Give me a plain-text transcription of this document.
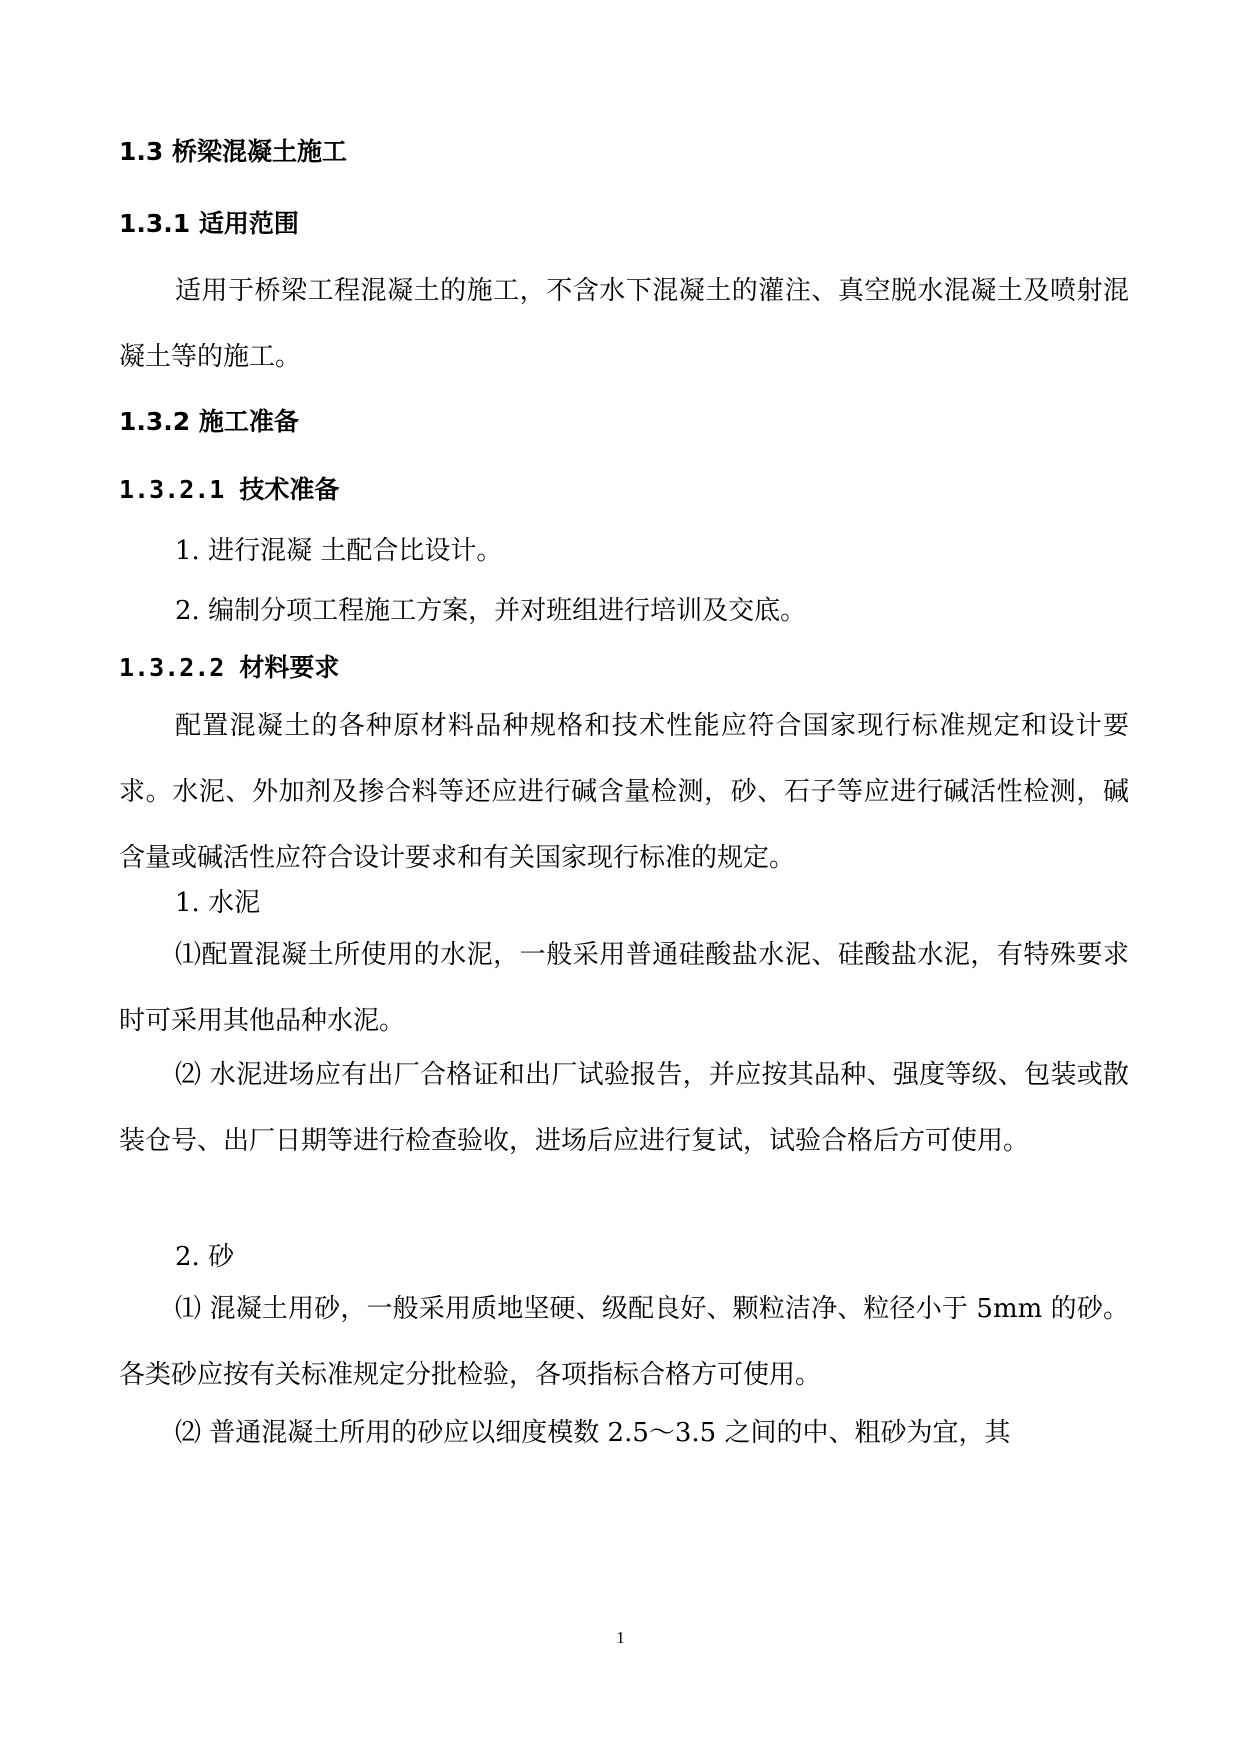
1.3 桥梁混凝土施工
1.3.1 适用范围
适用于桥梁工程混凝土的施工，不含水下混凝土的灌注、真空脱水混凝土及喷射混凝土等的施工。
1.3.2 施工准备
1.3.2.1 技术准备
1. 进行混凝 土配合比设计。
2. 编制分项工程施工方案，并对班组进行培训及交底。
1.3.2.2 材料要求
配置混凝土的各种原材料品种规格和技术性能应符合国家现行标准规定和设计要求。水泥、外加剂及掺合料等还应进行碱含量检测，砂、石子等应进行碱活性检测，碱含量或碱活性应符合设计要求和有关国家现行标准的规定。
1. 水泥
⑴配置混凝土所使用的水泥，一般采用普通硅酸盐水泥、硅酸盐水泥，有特殊要求时可采用其他品种水泥。
⑵ 水泥进场应有出厂合格证和出厂试验报告，并应按其品种、强度等级、包装或散装仓号、出厂日期等进行检查验收，进场后应进行复试，试验合格后方可使用。
2. 砂
⑴ 混凝土用砂，一般采用质地坚硬、级配良好、颗粒洁净、粒径小于 5mm 的砂。各类砂应按有关标准规定分批检验，各项指标合格方可使用。
⑵ 普通混凝土所用的砂应以细度模数 2.5～3.5 之间的中、粗砂为宜，其
1
